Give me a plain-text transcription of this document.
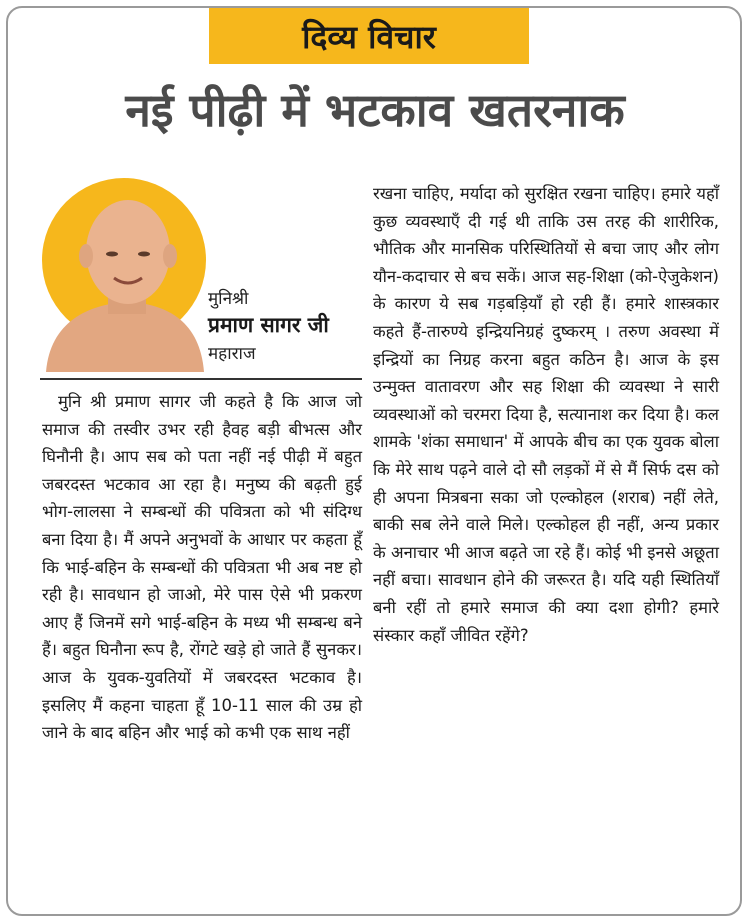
दिव्य विचार
नई पीढ़ी में भटकाव खतरनाक
मुनिश्री
प्रमाण सागर जी
महाराज
मुनि श्री प्रमाण सागर जी कहते है कि आज जो समाज की तस्वीर उभर रही हैवह बड़ी बीभत्स और घिनौनी है। आप सब को पता नहीं नई पीढ़ी में बहुत जबरदस्त भटकाव आ रहा है। मनुष्य की बढ़ती हुई भोग-लालसा ने सम्बन्धों की पवित्रता को भी संदिग्ध बना दिया है। मैं अपने अनुभवों के आधार पर कहता हूँ कि भाई-बहिन के सम्बन्धों की पवित्रता भी अब नष्ट हो रही है। सावधान हो जाओ, मेरे पास ऐसे भी प्रकरण आए हैं जिनमें सगे भाई-बहिन के मध्य भी सम्बन्ध बने हैं। बहुत घिनौना रूप है, रोंगटे खड़े हो जाते हैं सुनकर। आज के युवक-युवतियों में जबरदस्त भटकाव है। इसलिए मैं कहना चाहता हूँ 10-11 साल की उम्र हो जाने के बाद बहिन और भाई को कभी एक साथ नहीं
रखना चाहिए, मर्यादा को सुरक्षित रखना चाहिए। हमारे यहाँ कुछ व्यवस्थाएँ दी गई थी ताकि उस तरह की शारीरिक, भौतिक और मानसिक परिस्थितियों से बचा जाए और लोग यौन-कदाचार से बच सकें। आज सह-शिक्षा (को-ऐजुकेशन) के कारण ये सब गड़बड़ियाँ हो रही हैं। हमारे शास्त्रकार कहते हैं-तारुण्ये इन्द्रियनिग्रहं दुष्करम् । तरुण अवस्था में इन्द्रियों का निग्रह करना बहुत कठिन है। आज के इस उन्मुक्त वातावरण और सह शिक्षा की व्यवस्था ने सारी व्यवस्थाओं को चरमरा दिया है, सत्यानाश कर दिया है। कल शामके 'शंका समाधान' में आपके बीच का एक युवक बोला कि मेरे साथ पढ़ने वाले दो सौ लड़कों में से मैं सिर्फ दस को ही अपना मित्रबना सका जो एल्कोहल (शराब) नहीं लेते, बाकी सब लेने वाले मिले। एल्कोहल ही नहीं, अन्य प्रकार के अनाचार भी आज बढ़ते जा रहे हैं। कोई भी इनसे अछूता नहीं बचा। सावधान होने की जरूरत है। यदि यही स्थितियाँ बनी रहीं तो हमारे समाज की क्या दशा होगी? हमारे संस्कार कहाँ जीवित रहेंगे?
